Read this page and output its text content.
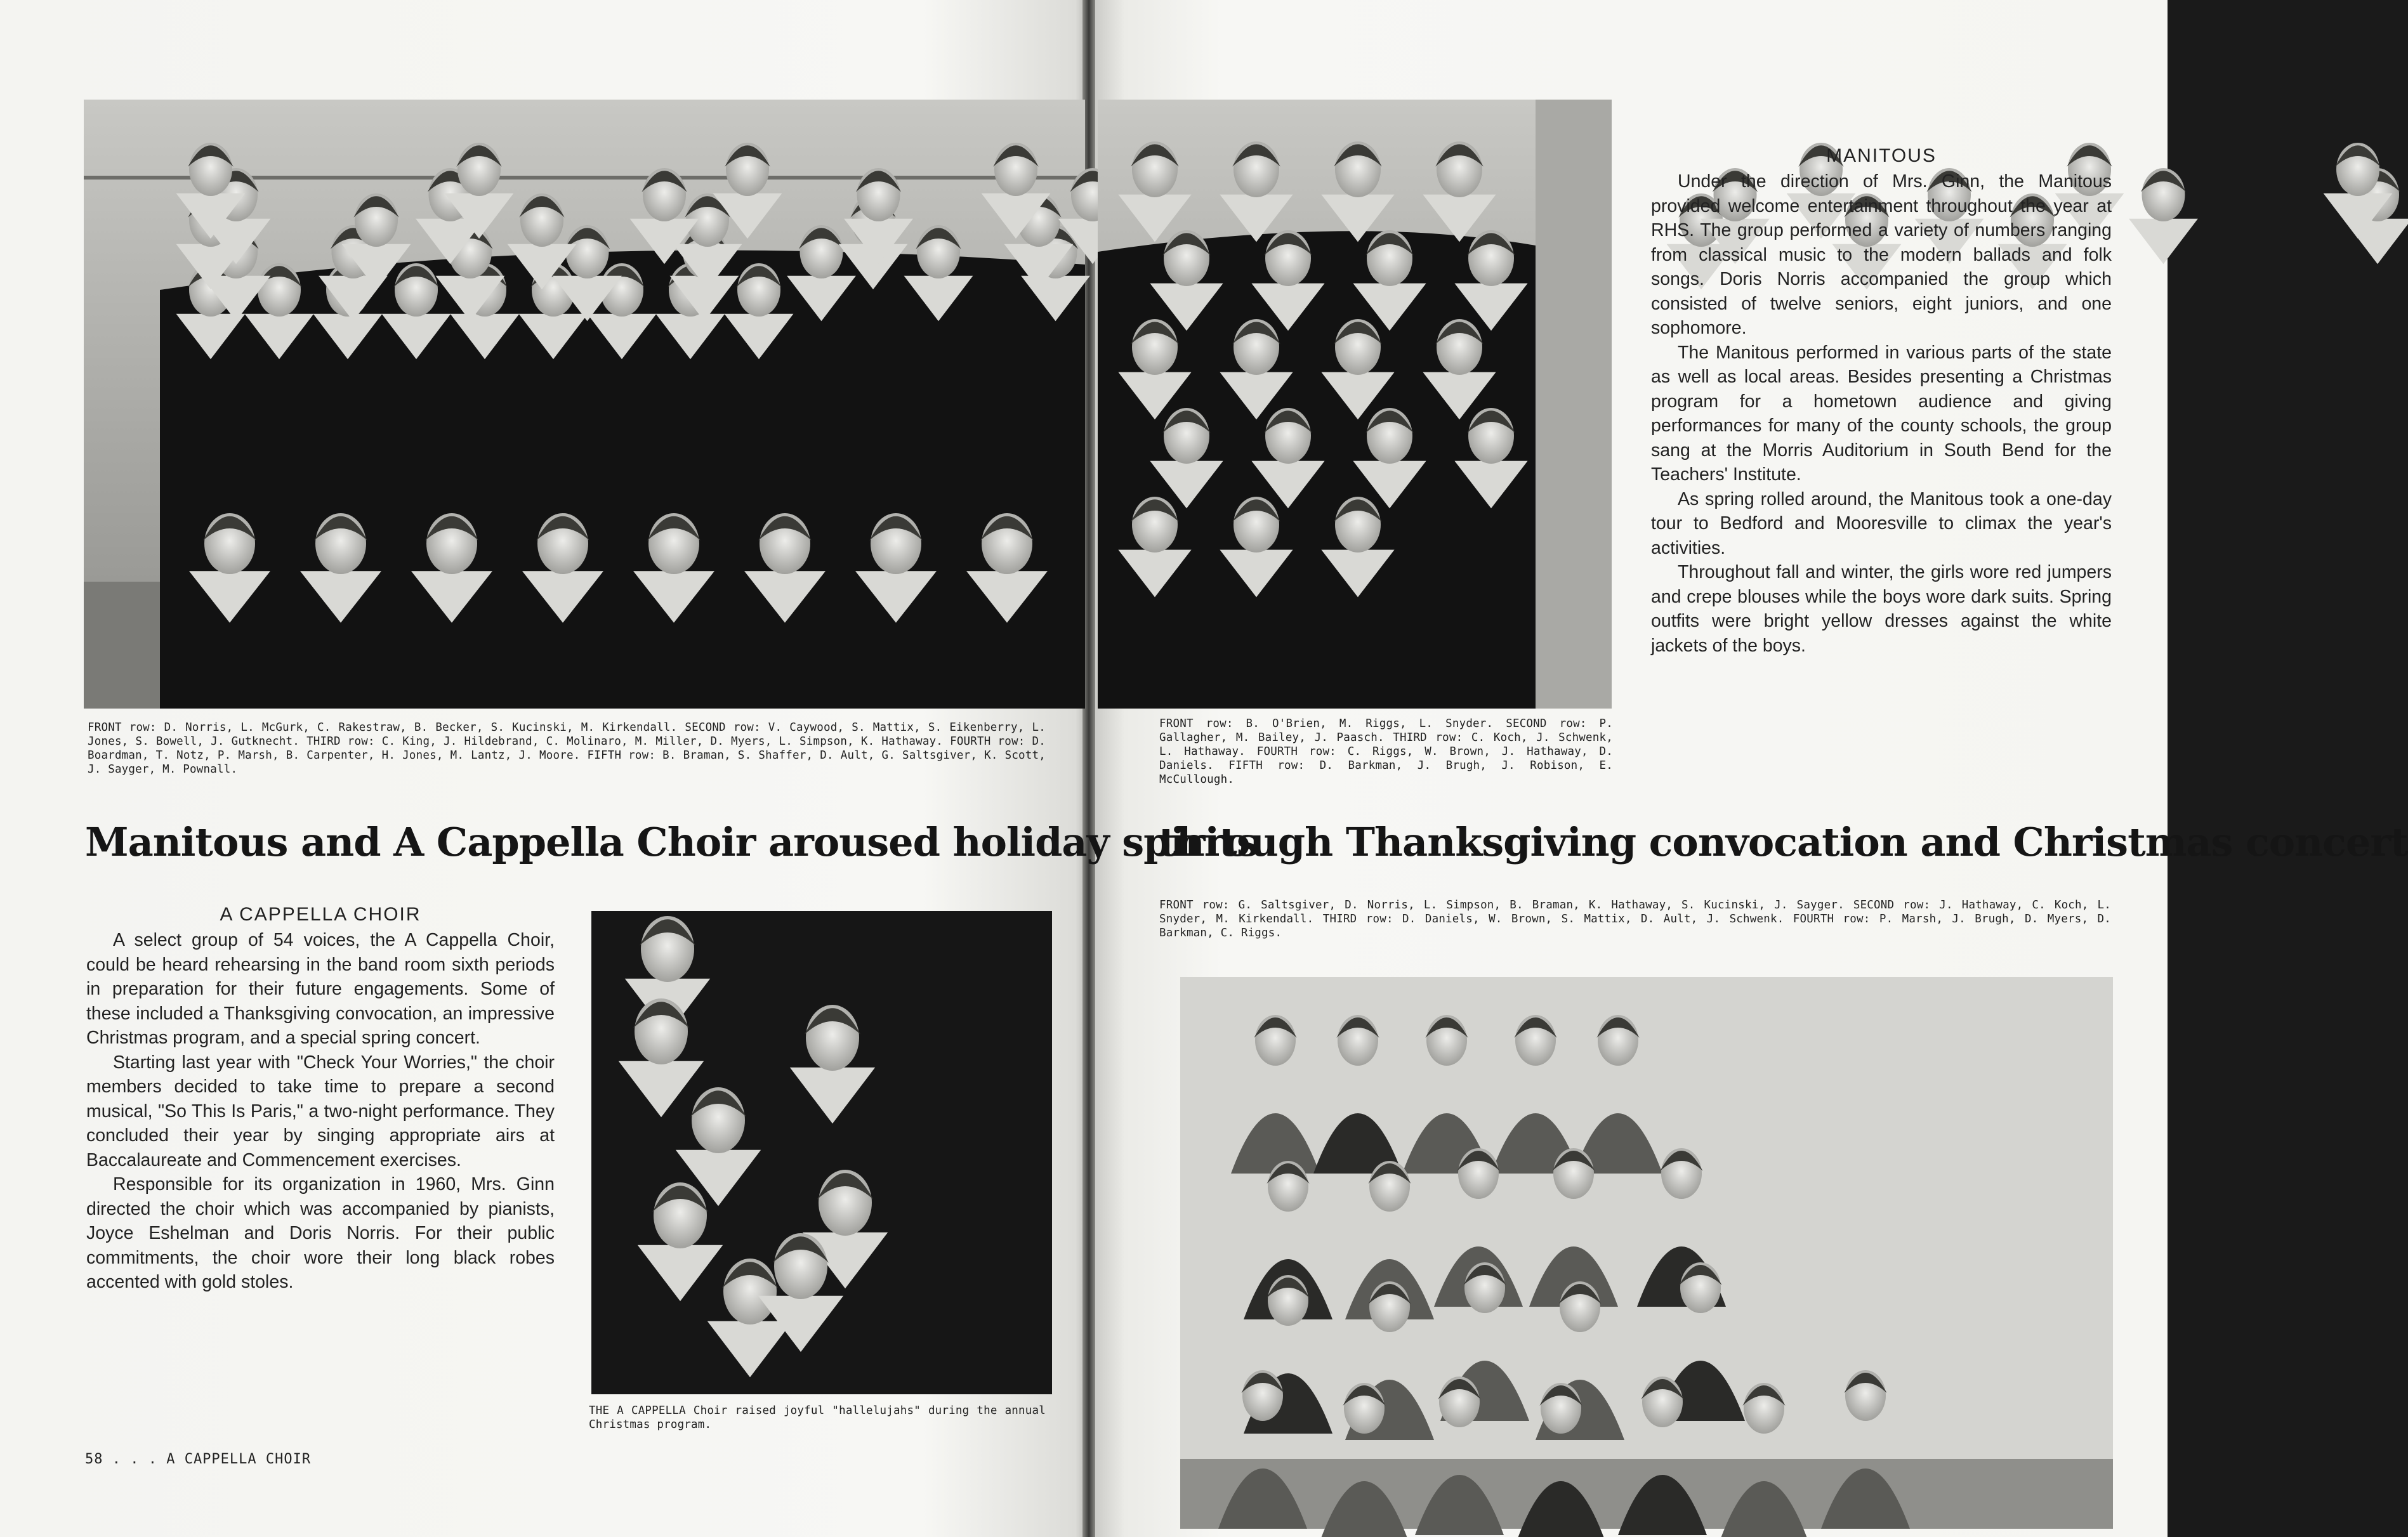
FRONT row: D. Norris, L. McGurk, C. Rakestraw, B. Becker, S. Kucinski, M. Kirkendall. SECOND row: V. Caywood, S. Mattix, S. Eikenberry, L. Jones, S. Bowell, J. Gutknecht. THIRD row: C. King, J. Hildebrand, C. Molinaro, M. Miller, D. Myers, L. Simpson, K. Hathaway. FOURTH row: D. Boardman, T. Notz, P. Marsh, B. Carpenter, H. Jones, M. Lantz, J. Moore. FIFTH row: B. Braman, S. Shaffer, D. Ault, G. Saltsgiver, K. Scott, J. Sayger, M. Pownall.
Manitous and A Cappella Choir aroused holiday spirits
A CAPPELLA CHOIR

A select group of 54 voices, the A Cappella Choir, could be heard rehearsing in the band room sixth periods in preparation for their future engagements. Some of these included a Thanksgiving convocation, an impressive Christmas program, and a special spring concert.

Starting last year with "Check Your Worries," the choir members decided to take time to prepare a second musical, "So This Is Paris," a two-night performance. They concluded their year by singing appropriate airs at Baccalaureate and Commencement exercises.

Responsible for its organization in 1960, Mrs. Ginn directed the choir which was accompanied by pianists, Joyce Eshelman and Doris Norris. For their public commitments, the choir wore their long black robes accented with gold stoles.

THE A CAPPELLA Choir raised joyful "hallelujahs" during the annual Christmas program.
58 . . . A CAPPELLA CHOIR
FRONT row: B. O'Brien, M. Riggs, L. Snyder. SECOND row: P. Gallagher, M. Bailey, J. Paasch. THIRD row: C. Koch, J. Schwenk, L. Hathaway. FOURTH row: C. Riggs, W. Brown, J. Hathaway, D. Daniels. FIFTH row: D. Barkman, J. Brugh, J. Robison, E. McCullough.
MANITOUS

Under the direction of Mrs. Ginn, the Manitous provided welcome entertainment throughout the year at RHS. The group performed a variety of numbers ranging from classical music to the modern ballads and folk songs. Doris Norris accompanied the group which consisted of twelve seniors, eight juniors, and one sophomore.

The Manitous performed in various parts of the state as well as local areas. Besides presenting a Christmas program for a hometown audience and giving performances for many of the county schools, the group sang at the Morris Auditorium in South Bend for the Teachers' Institute.

As spring rolled around, the Manitous took a one-day tour to Bedford and Mooresville to climax the year's activities.

Throughout fall and winter, the girls wore red jumpers and crepe blouses while the boys wore dark suits. Spring outfits were bright yellow dresses against the white jackets of the boys.

through Thanksgiving convocation and Christmas concert
FRONT row: G. Saltsgiver, D. Norris, L. Simpson, B. Braman, K. Hathaway, S. Kucinski, J. Sayger. SECOND row: J. Hathaway, C. Koch, L. Snyder, M. Kirkendall. THIRD row: D. Daniels, W. Brown, S. Mattix, D. Ault, J. Schwenk. FOURTH row: P. Marsh, J. Brugh, D. Myers, D. Barkman, C. Riggs.
